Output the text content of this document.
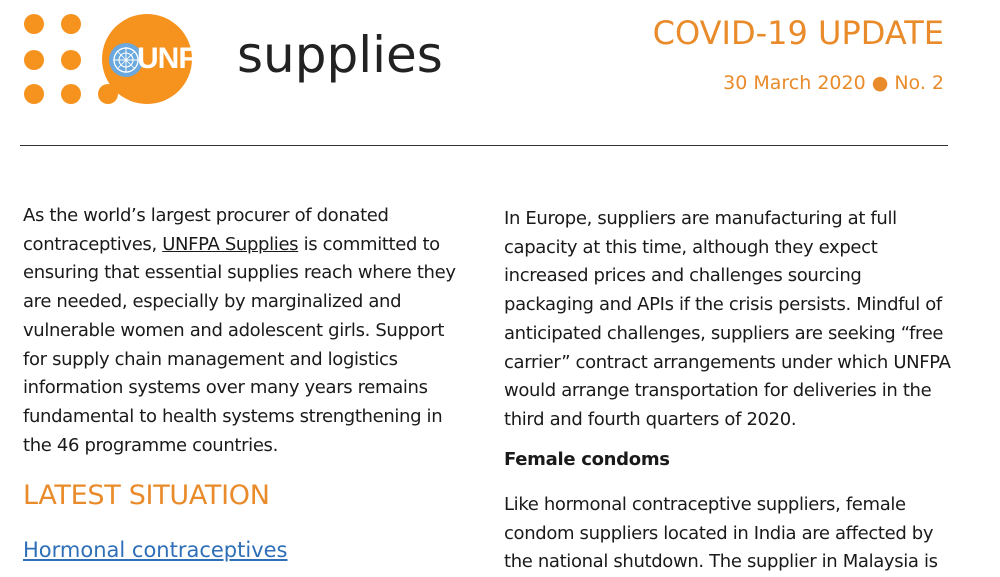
UNFPA supplies	COVID-19 UPDATE
30 March 2020 ● No. 2

As the world’s largest procurer of donated contraceptives, UNFPA Supplies is committed to ensuring that essential supplies reach where they are needed, especially by marginalized and vulnerable women and adolescent girls. Support for supply chain management and logistics information systems over many years remains fundamental to health systems strengthening in the 46 programme countries.

LATEST SITUATION
Hormonal contraceptives

In Europe, suppliers are manufacturing at full capacity at this time, although they expect increased prices and challenges sourcing packaging and APIs if the crisis persists. Mindful of anticipated challenges, suppliers are seeking “free carrier” contract arrangements under which UNFPA would arrange transportation for deliveries in the third and fourth quarters of 2020.

Female condoms

Like hormonal contraceptive suppliers, female condom suppliers located in India are affected by the national shutdown. The supplier in Malaysia is
